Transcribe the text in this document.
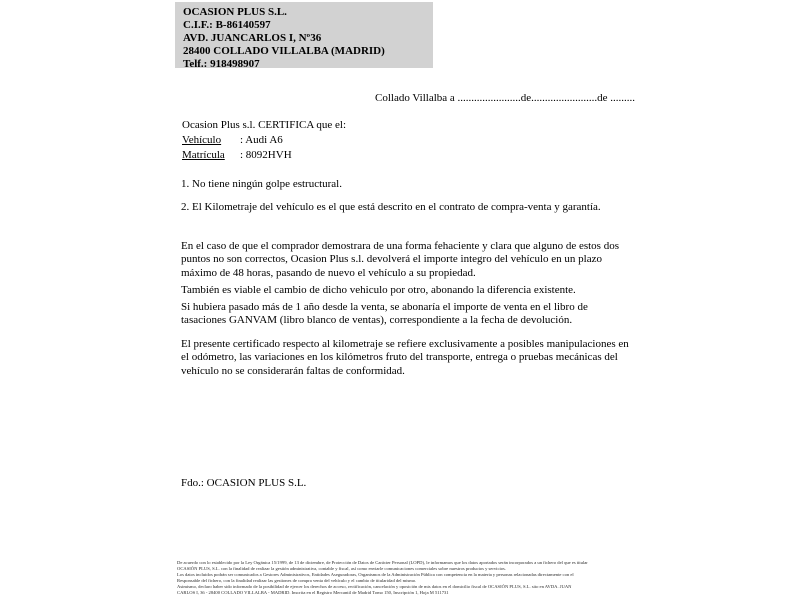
OCASION PLUS S.L.
C.I.F.: B-86140597
AVD. JUANCARLOS I, Nº36
28400 COLLADO VILLALBA (MADRID)
Telf.: 918498907
Collado Villalba a .......................de........................de .........
Ocasion Plus s.l. CERTIFICA que el:
Vehículo : Audi A6
Matrícula : 8092HVH
1. No tiene ningún golpe estructural.
2. El Kilometraje del vehículo es el que está descrito en el contrato de compra-venta y garantía.
En el caso de que el comprador demostrara de una forma fehaciente y clara que alguno de estos dos puntos no son correctos, Ocasion Plus s.l. devolverá el importe integro del vehículo en un plazo máximo de 48 horas, pasando de nuevo el vehículo a su propiedad.
También es viable el cambio de dicho vehiculo por otro, abonando la diferencia existente.
Si hubiera pasado más de 1 año desde la venta, se abonaría el importe de venta en el libro de tasaciones GANVAM (libro blanco de ventas), correspondiente a la fecha de devolución.
El presente certificado respecto al kilometraje se refiere exclusivamente a posibles manipulaciones en el odómetro, las variaciones en los kilómetros fruto del transporte, entrega o pruebas mecánicas del vehículo no se considerarán faltas de conformidad.
Fdo.: OCASION PLUS S.L.
De acuerdo con lo establecido por la Ley Orgánica 15/1999, de 13 de diciembre, de Protección de Datos de Carácter Personal (LOPD), le informamos que los datos aportados serán incorporados a un fichero del que es titular
OCASIÓN PLUS, S.L. con la finalidad de realizar la gestión administrativa, contable y fiscal, así como enviarle comunicaciones comerciales sobre nuestros productos y servicios.
Los datos incluidos podrán ser comunicados a Gestores Administrativos, Entidades Aseguradoras, Organismos de la Administración Pública con competencia en la materia y personas relacionadas directamente con el
Responsable del fichero, con la finalidad realizar las gestiones de compra venta del vehículo y el cambio de titularidad del mismo.
Asimismo, declaro haber sido informado de la posibilidad de ejercer los derechos de acceso, rectificación, cancelación y oposición de mis datos en el domicilio fiscal de OCASIÓN PLUS, S.L. sito en AVDA. JUAN
CARLOS I, 36 - 28400 COLLADO VILLALBA - MADRID. Inscrita en el Registro Mercantil de Madrid Tomo 150, Inscripción 1, Hoja M 511731
